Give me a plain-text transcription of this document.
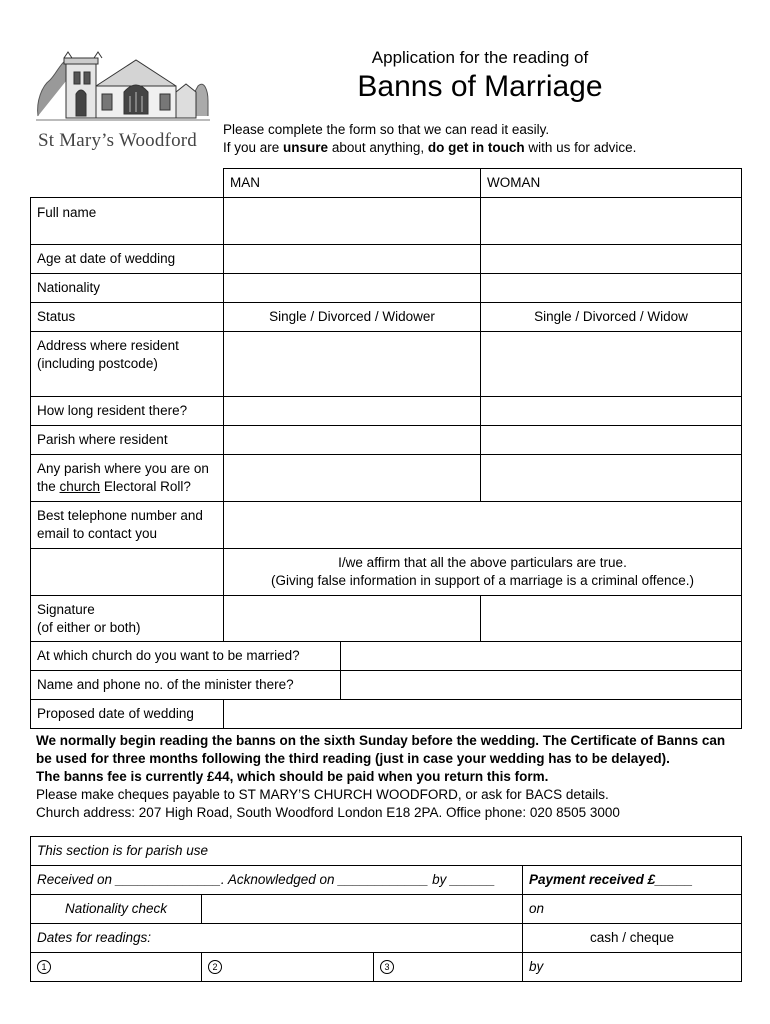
St Mary’s Woodford
Application for the reading of
Banns of Marriage
Please complete the form so that we can read it easily.
If you are unsure about anything, do get in touch with us for advice.
	MAN		WOMAN
Full name			
Age at date of wedding			
Nationality			
Status	Single / Divorced / Widower		Single / Divorced / Widow

Address where resident
(including postcode)			

How long resident there?			
Parish where resident			

Any parish where you are on
the church Electoral Roll?			

Best telephone number and
email to contact you			

	I/we affirm that all the above particulars are true.
(Giving false information in support of a marriage is a criminal offence.)		

Signature
(of either or both)			

At which church do you want to be married?			
Name and phone no. of the minister there?			
Proposed date of wedding			
We normally begin reading the banns on the sixth Sunday before the wedding. The Certificate of Banns can
be used for three months following the third reading (just in case your wedding has to be delayed).
The banns fee is currently £44, which should be paid when you return this form.
Please make cheques payable to ST MARY’S CHURCH WOODFORD, or ask for BACS details.
Church address: 207 High Road, South Woodford London E18 2PA. Office phone: 020 8505 3000
This section is for parish use			
Received on ______________. Acknowledged on ____________ by ______			Payment received £_____
Nationality check			on
Dates for readings:			cash / cheque
1	2	3	by
